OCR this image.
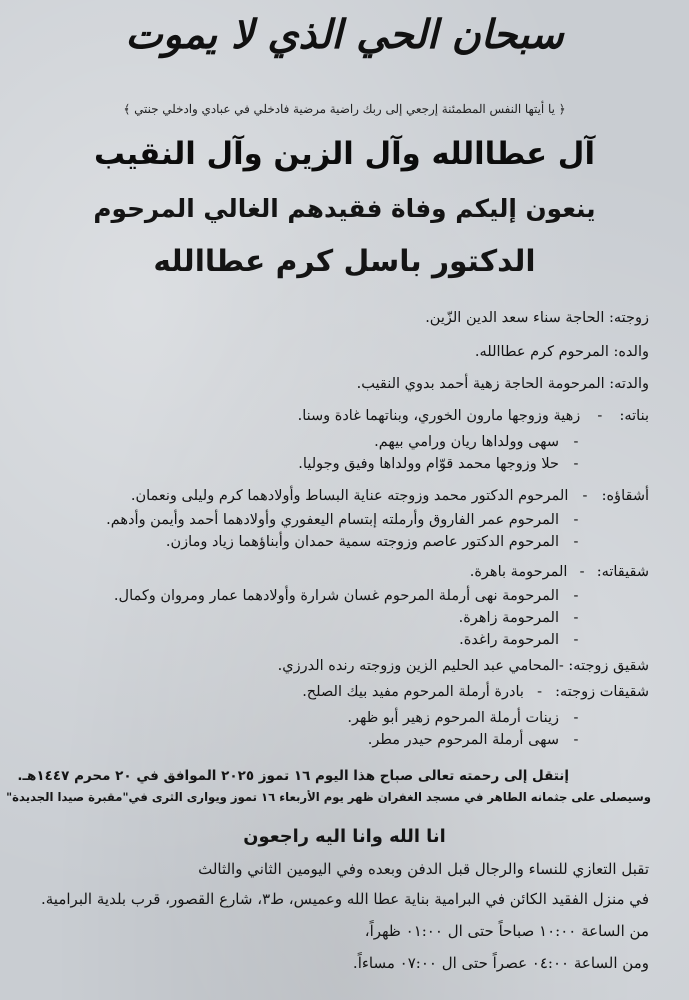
سبحان الحي الذي لا يموت
﴿ يا أيتها النفس المطمئنة إرجعي إلى ربك راضية مرضية فادخلي في عبادي وادخلي جنتي ﴾
آل عطاالله وآل الزين وآل النقيب
ينعون إليكم وفاة فقيدهم الغالي المرحوم
الدكتور باسل كرم عطاالله
زوجته: الحاجة سناء سعد الدين الزّين.
والده: المرحوم كرم عطاالله.
والدته: المرحومة الحاجة زهية أحمد بدوي النقيب.
بناته: - زهية وزوجها مارون الخوري، وبناتهما غادة وسنا.
-سهى وولداها ريان ورامي بيهم.
-حلا وزوجها محمد قوّام وولداها وفيق وجوليا.
أشقاؤه: - المرحوم الدكتور محمد وزوجته عناية البساط وأولادهما كرم وليلى ونعمان.
-المرحوم عمر الفاروق وأرملته إبتسام اليعفوري وأولادهما أحمد وأيمن وأدهم.
-المرحوم الدكتور عاصم وزوجته سمية حمدان وأبناؤهما زياد ومازن.
شقيقاته: - المرحومة باهرة.
-المرحومة نهى أرملة المرحوم غسان شرارة وأولادهما عمار ومروان وكمال.
-المرحومة زاهرة.
-المرحومة راغدة.
شقيق زوجته: -المحامي عبد الحليم الزين وزوجته رنده الدرزي.
شقيقات زوجته: - بادرة أرملة المرحوم مفيد بيك الصلح.
-زينات أرملة المرحوم زهير أبو ظهر.
-سهى أرملة المرحوم حيدر مطر.
إنتقل إلى رحمته تعالى صباح هذا اليوم ١٦ تموز ٢٠٢٥ الموافق في ٢٠ محرم ١٤٤٧هـ.
وسيصلى على جثمانه الطاهر في مسجد الغفران ظهر يوم الأربعاء ١٦ تموز ويوارى الثرى في"مقبرة صيدا الجديدة"
انا الله وانا اليه راجعون
تقبل التعازي للنساء والرجال قبل الدفن وبعده وفي اليومين الثاني والثالث
في منزل الفقيد الكائن في البرامية بناية عطا الله وعميس، ط٣، شارع القصور، قرب بلدية البرامية.
من الساعة ١٠:٠٠ صباحاً حتى ال ٠١:٠٠ ظهراً،
ومن الساعة ٠٤:٠٠ عصراً حتى ال ٠٧:٠٠ مساءاً.
